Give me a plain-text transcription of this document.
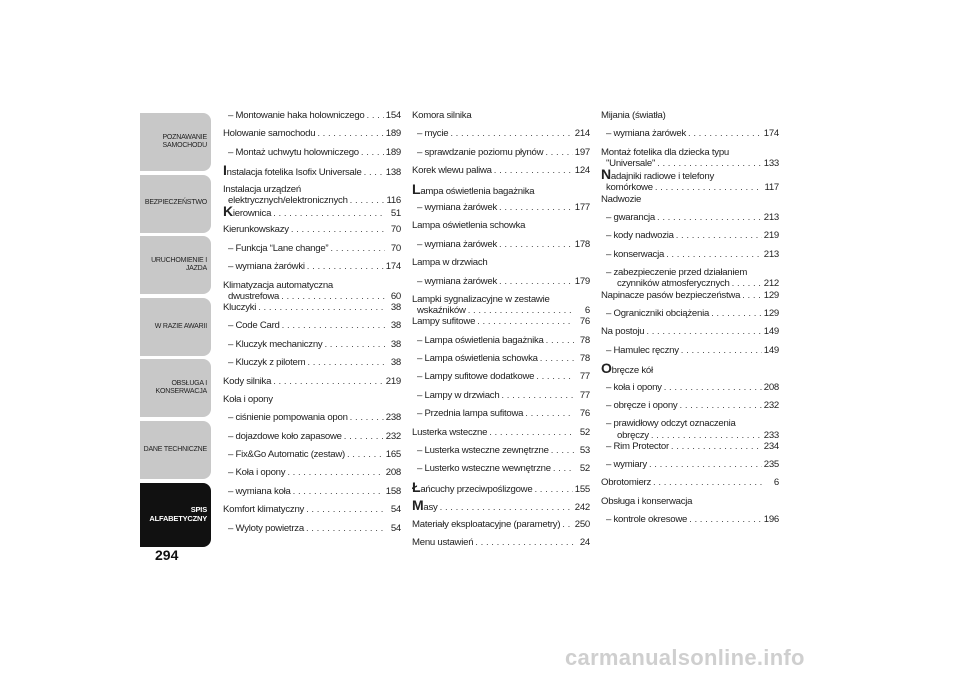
POZNAWANIE
SAMOCHODU
BEZPIECZEŃSTWO
URUCHOMIENIE I
JAZDA
W RAZIE AWARII
OBSŁUGA I
KONSERWACJA
DANE TECHNICZNE
SPIS
ALFABETYCZNY
294
– Montowanie haka holowniczego . . . 154
Holowanie samochodu . . .	189
– Montaż uchwytu holowniczego . . .	189
I nstalacja fotelika Isofix Universale . . .	138
Instalacja urządzeń
elektrycznych/elektronicznych . . .	116
K ierownica . . .	51
Kierunkowskazy . . .	70
– Funkcja “Lane change” . . .	70
– wymiana żarówki . . .	174
Klimatyzacja automatyczna
dwustrefowa . . .	60
Kluczyki . . .	38
– Code Card . . .	38
– Kluczyk mechaniczny . . .	38
– Kluczyk z pilotem . . .	38
Kody silnika . . .	219
Koła i opony
– ciśnienie pompowania opon . . .	238
– dojazdowe koło zapasowe . . .	232
– Fix&Go Automatic (zestaw) . . .	165
– Koła i opony . . .	208
– wymiana koła . . .	158
Komfort klimatyczny . . .	54
– Wyloty powietrza . . .	54
Komora silnika
– mycie . . .	214
– sprawdzanie poziomu płynów . . .	197
Korek wlewu paliwa . . .	124
L ampa oświetlenia bagażnika
– wymiana żarówek . . .	177
Lampa oświetlenia schowka
– wymiana żarówek . . .	178
Lampa w drzwiach
– wymiana żarówek . . .	179
Lampki sygnalizacyjne w zestawie
wskaźników . . .	6
Lampy sufitowe . . .	76
– Lampa oświetlenia bagażnika . . .	78
– Lampa oświetlenia schowka . . .	78
– Lampy sufitowe dodatkowe . . .	77
– Lampy w drzwiach . . .	77
– Przednia lampa sufitowa . . .	76
Lusterka wsteczne . . .	52
– Lusterka wsteczne zewnętrzne . . .	53
– Lusterko wsteczne wewnętrzne . . .	52
Ł ańcuchy przeciwpoślizgowe . . .	155
M asy . . .	242
Materiały eksploatacyjne (parametry) . . . 250
Menu ustawień . . .	24
Mijania (światła)
– wymiana żarówek . . .	174
Montaż fotelika dla dziecka typu
"Universale" . . .	133
N adajniki radiowe i telefony
komórkowe . . .	117
Nadwozie
– gwarancja . . .	213
– kody nadwozia . . .	219
– konserwacja . . .	213
– zabezpieczenie przed działaniem
czynników atmosferycznych . . .	212
Napinacze pasów bezpieczeństwa . . . 129
– Ograniczniki obciążenia . . .	129
Na postoju . . .	149
– Hamulec ręczny . . .	149
O bręcze kół
– koła i opony . . .	208
– obręcze i opony . . .	232
– prawidłowy odczyt oznaczenia
obręczy . . .	233
– Rim Protector . . .	234
– wymiary . . .	235
Obrotomierz . . .	6
Obsługa i konserwacja
– kontrole okresowe . . .	196
carmanualsonline.info
